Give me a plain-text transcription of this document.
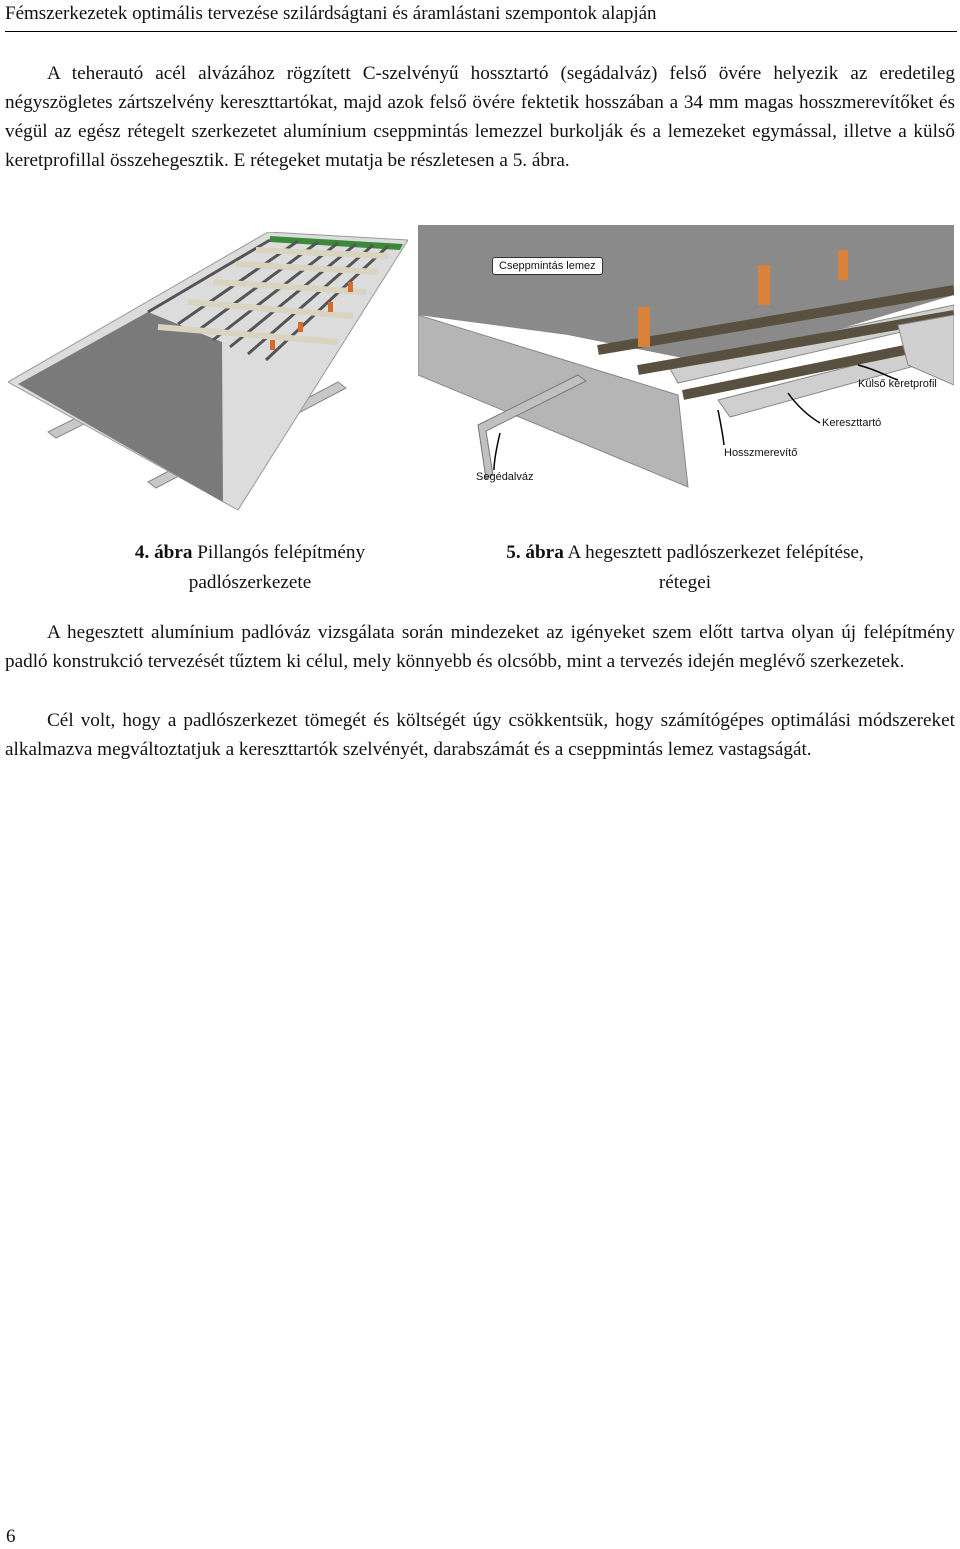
Fémszerkezetek optimális tervezése szilárdságtani és áramlástani szempontok alapján

A teherautó acél alvázához rögzített C-szelvényű hossztartó (segádalváz) felső övére helyezik az eredetileg négyszögletes zártszelvény kereszttartókat, majd azok felső övére fektetik hosszában a 34 mm magas hosszmerevítőket és végül az egész rétegelt szerkezetet alumínium cseppmintás lemezzel burkolják és a lemezeket egymással, illetve a külső keretprofillal összehegesztik. E rétegeket mutatja be részletesen a 5. ábra.

Cseppmintás lemez
Külső keretprofil
Kereszttartó
Hosszmerevítő
Segédalváz
4. ábra Pillangós felépítmény
padlószerkezete
5. ábra A hegesztett padlószerkezet felépítése,
rétegei

A hegesztett alumínium padlóváz vizsgálata során mindezeket az igényeket szem előtt tartva olyan új felépítmény padló konstrukció tervezését tűztem ki célul, mely könnyebb és olcsóbb, mint a tervezés idején meglévő szerkezetek.

Cél volt, hogy a padlószerkezet tömegét és költségét úgy csökkentsük, hogy számítógépes optimálási módszereket alkalmazva megváltoztatjuk a kereszttartók szelvényét, darabszámát és a cseppmintás lemez vastagságát.

6
